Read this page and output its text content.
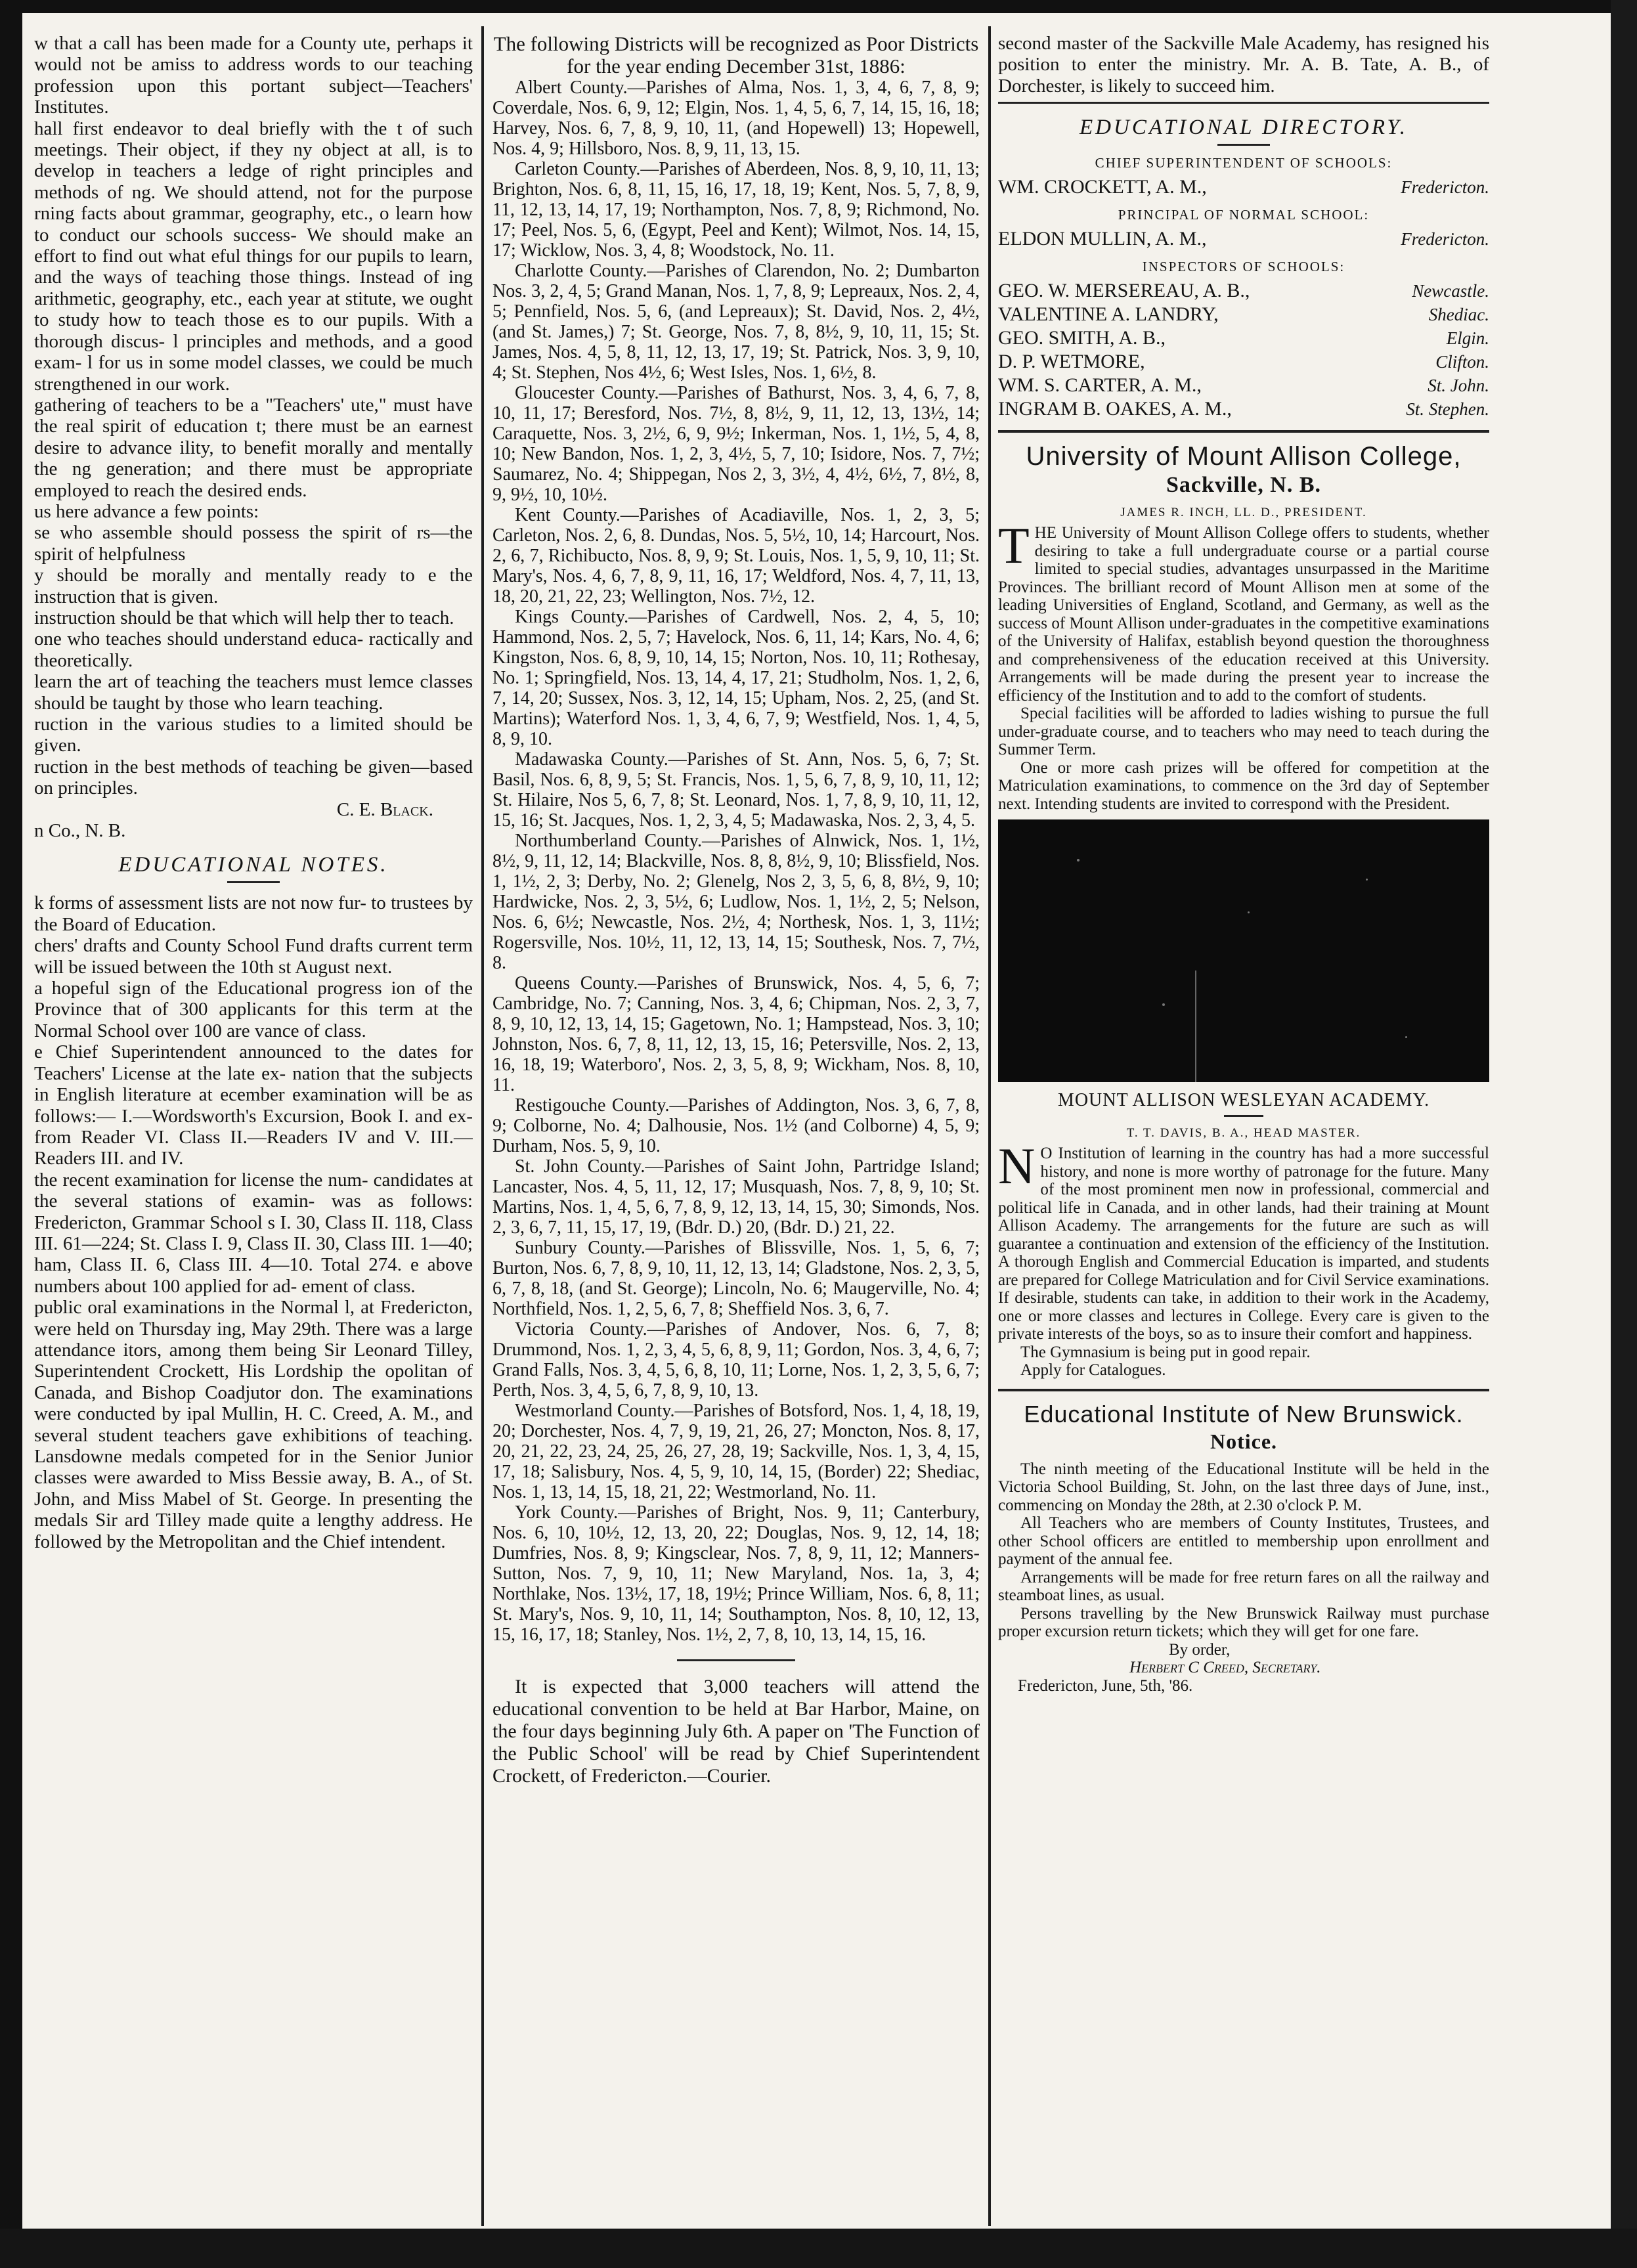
w that a call has been made for a County ute, perhaps it would not be amiss to address words to our teaching profession upon this portant subject—Teachers' Institutes.

hall first endeavor to deal briefly with the t of such meetings. Their object, if they ny object at all, is to develop in teachers a ledge of right principles and methods of ng. We should attend, not for the purpose rning facts about grammar, geography, etc., o learn how to conduct our schools success- We should make an effort to find out what eful things for our pupils to learn, and the ways of teaching those things. Instead of ing arithmetic, geography, etc., each year at stitute, we ought to study how to teach those es to our pupils. With a thorough discus- l principles and methods, and a good exam- l for us in some model classes, we could be much strengthened in our work.

gathering of teachers to be a "Teachers' ute," must have the real spirit of education t; there must be an earnest desire to advance ility, to benefit morally and mentally the ng generation; and there must be appropriate employed to reach the desired ends.

us here advance a few points:

se who assemble should possess the spirit of rs—the spirit of helpfulness

y should be morally and mentally ready to e the instruction that is given.

instruction should be that which will help ther to teach.

one who teaches should understand educa- ractically and theoretically.

learn the art of teaching the teachers must lemce classes should be taught by those who learn teaching.

ruction in the various studies to a limited should be given.

ruction in the best methods of teaching be given—based on principles.

C. E. Black.

n Co., N. B.

EDUCATIONAL NOTES.

k forms of assessment lists are not now fur- to trustees by the Board of Education.

chers' drafts and County School Fund drafts current term will be issued between the 10th st August next.

a hopeful sign of the Educational progress ion of the Province that of 300 applicants for this term at the Normal School over 100 are vance of class.

e Chief Superintendent announced to the dates for Teachers' License at the late ex- nation that the subjects in English literature at ecember examination will be as follows:— I.—Wordsworth's Excursion, Book I. and ex- from Reader VI. Class II.—Readers IV and V. III.—Readers III. and IV.

the recent examination for license the num- candidates at the several stations of examin- was as follows: Fredericton, Grammar School s I. 30, Class II. 118, Class III. 61—224; St. Class I. 9, Class II. 30, Class III. 1—40; ham, Class II. 6, Class III. 4—10. Total 274. e above numbers about 100 applied for ad- ement of class.

public oral examinations in the Normal l, at Fredericton, were held on Thursday ing, May 29th. There was a large attendance itors, among them being Sir Leonard Tilley, Superintendent Crockett, His Lordship the opolitan of Canada, and Bishop Coadjutor don. The examinations were conducted by ipal Mullin, H. C. Creed, A. M., and several student teachers gave exhibitions of teaching. Lansdowne medals competed for in the Senior Junior classes were awarded to Miss Bessie away, B. A., of St. John, and Miss Mabel of St. George. In presenting the medals Sir ard Tilley made quite a lengthy address. He followed by the Metropolitan and the Chief intendent.

The following Districts will be recognized as Poor Districts for the year ending December 31st, 1886:

Albert County.—Parishes of Alma, Nos. 1, 3, 4, 6, 7, 8, 9; Coverdale, Nos. 6, 9, 12; Elgin, Nos. 1, 4, 5, 6, 7, 14, 15, 16, 18; Harvey, Nos. 6, 7, 8, 9, 10, 11, (and Hopewell) 13; Hopewell, Nos. 4, 9; Hillsboro, Nos. 8, 9, 11, 13, 15.

Carleton County.—Parishes of Aberdeen, Nos. 8, 9, 10, 11, 13; Brighton, Nos. 6, 8, 11, 15, 16, 17, 18, 19; Kent, Nos. 5, 7, 8, 9, 11, 12, 13, 14, 17, 19; Northampton, Nos. 7, 8, 9; Richmond, No. 17; Peel, Nos. 5, 6, (Egypt, Peel and Kent); Wilmot, Nos. 14, 15, 17; Wicklow, Nos. 3, 4, 8; Woodstock, No. 11.

Charlotte County.—Parishes of Clarendon, No. 2; Dumbarton Nos. 3, 2, 4, 5; Grand Manan, Nos. 1, 7, 8, 9; Lepreaux, Nos. 2, 4, 5; Pennfield, Nos. 5, 6, (and Lepreaux); St. David, Nos. 2, 4½, (and St. James,) 7; St. George, Nos. 7, 8, 8½, 9, 10, 11, 15; St. James, Nos. 4, 5, 8, 11, 12, 13, 17, 19; St. Patrick, Nos. 3, 9, 10, 4; St. Stephen, Nos 4½, 6; West Isles, Nos. 1, 6½, 8.

Gloucester County.—Parishes of Bathurst, Nos. 3, 4, 6, 7, 8, 10, 11, 17; Beresford, Nos. 7½, 8, 8½, 9, 11, 12, 13, 13½, 14; Caraquette, Nos. 3, 2½, 6, 9, 9½; Inkerman, Nos. 1, 1½, 5, 4, 8, 10; New Bandon, Nos. 1, 2, 3, 4½, 5, 7, 10; Isidore, Nos. 7, 7½; Saumarez, No. 4; Shippegan, Nos 2, 3, 3½, 4, 4½, 6½, 7, 8½, 8, 9, 9½, 10, 10½.

Kent County.—Parishes of Acadiaville, Nos. 1, 2, 3, 5; Carleton, Nos. 2, 6, 8. Dundas, Nos. 5, 5½, 10, 14; Harcourt, Nos. 2, 6, 7, Richibucto, Nos. 8, 9, 9; St. Louis, Nos. 1, 5, 9, 10, 11; St. Mary's, Nos. 4, 6, 7, 8, 9, 11, 16, 17; Weldford, Nos. 4, 7, 11, 13, 18, 20, 21, 22, 23; Wellington, Nos. 7½, 12.

Kings County.—Parishes of Cardwell, Nos. 2, 4, 5, 10; Hammond, Nos. 2, 5, 7; Havelock, Nos. 6, 11, 14; Kars, No. 4, 6; Kingston, Nos. 6, 8, 9, 10, 14, 15; Norton, Nos. 10, 11; Rothesay, No. 1; Springfield, Nos. 13, 14, 4, 17, 21; Studholm, Nos. 1, 2, 6, 7, 14, 20; Sussex, Nos. 3, 12, 14, 15; Upham, Nos. 2, 25, (and St. Martins); Waterford Nos. 1, 3, 4, 6, 7, 9; Westfield, Nos. 1, 4, 5, 8, 9, 10.

Madawaska County.—Parishes of St. Ann, Nos. 5, 6, 7; St. Basil, Nos. 6, 8, 9, 5; St. Francis, Nos. 1, 5, 6, 7, 8, 9, 10, 11, 12; St. Hilaire, Nos 5, 6, 7, 8; St. Leonard, Nos. 1, 7, 8, 9, 10, 11, 12, 15, 16; St. Jacques, Nos. 1, 2, 3, 4, 5; Madawaska, Nos. 2, 3, 4, 5.

Northumberland County.—Parishes of Alnwick, Nos. 1, 1½, 8½, 9, 11, 12, 14; Blackville, Nos. 8, 8, 8½, 9, 10; Blissfield, Nos. 1, 1½, 2, 3; Derby, No. 2; Glenelg, Nos 2, 3, 5, 6, 8, 8½, 9, 10; Hardwicke, Nos. 2, 3, 5½, 6; Ludlow, Nos. 1, 1½, 2, 5; Nelson, Nos. 6, 6½; Newcastle, Nos. 2½, 4; Northesk, Nos. 1, 3, 11½; Rogersville, Nos. 10½, 11, 12, 13, 14, 15; Southesk, Nos. 7, 7½, 8.

Queens County.—Parishes of Brunswick, Nos. 4, 5, 6, 7; Cambridge, No. 7; Canning, Nos. 3, 4, 6; Chipman, Nos. 2, 3, 7, 8, 9, 10, 12, 13, 14, 15; Gagetown, No. 1; Hampstead, Nos. 3, 10; Johnston, Nos. 6, 7, 8, 11, 12, 13, 15, 16; Petersville, Nos. 2, 13, 16, 18, 19; Waterboro', Nos. 2, 3, 5, 8, 9; Wickham, Nos. 8, 10, 11.

Restigouche County.—Parishes of Addington, Nos. 3, 6, 7, 8, 9; Colborne, No. 4; Dalhousie, Nos. 1½ (and Colborne) 4, 5, 9; Durham, Nos. 5, 9, 10.

St. John County.—Parishes of Saint John, Partridge Island; Lancaster, Nos. 4, 5, 11, 12, 17; Musquash, Nos. 7, 8, 9, 10; St. Martins, Nos. 1, 4, 5, 6, 7, 8, 9, 12, 13, 14, 15, 30; Simonds, Nos. 2, 3, 6, 7, 11, 15, 17, 19, (Bdr. D.) 20, (Bdr. D.) 21, 22.

Sunbury County.—Parishes of Blissville, Nos. 1, 5, 6, 7; Burton, Nos. 6, 7, 8, 9, 10, 11, 12, 13, 14; Gladstone, Nos. 2, 3, 5, 6, 7, 8, 18, (and St. George); Lincoln, No. 6; Maugerville, No. 4; Northfield, Nos. 1, 2, 5, 6, 7, 8; Sheffield Nos. 3, 6, 7.

Victoria County.—Parishes of Andover, Nos. 6, 7, 8; Drummond, Nos. 1, 2, 3, 4, 5, 6, 8, 9, 11; Gordon, Nos. 3, 4, 6, 7; Grand Falls, Nos. 3, 4, 5, 6, 8, 10, 11; Lorne, Nos. 1, 2, 3, 5, 6, 7; Perth, Nos. 3, 4, 5, 6, 7, 8, 9, 10, 13.

Westmorland County.—Parishes of Botsford, Nos. 1, 4, 18, 19, 20; Dorchester, Nos. 4, 7, 9, 19, 21, 26, 27; Moncton, Nos. 8, 17, 20, 21, 22, 23, 24, 25, 26, 27, 28, 19; Sackville, Nos. 1, 3, 4, 15, 17, 18; Salisbury, Nos. 4, 5, 9, 10, 14, 15, (Border) 22; Shediac, Nos. 1, 13, 14, 15, 18, 21, 22; Westmorland, No. 11.

York County.—Parishes of Bright, Nos. 9, 11; Canterbury, Nos. 6, 10, 10½, 12, 13, 20, 22; Douglas, Nos. 9, 12, 14, 18; Dumfries, Nos. 8, 9; Kingsclear, Nos. 7, 8, 9, 11, 12; Manners-Sutton, Nos. 7, 9, 10, 11; New Maryland, Nos. 1a, 3, 4; Northlake, Nos. 13½, 17, 18, 19½; Prince William, Nos. 6, 8, 11; St. Mary's, Nos. 9, 10, 11, 14; Southampton, Nos. 8, 10, 12, 13, 15, 16, 17, 18; Stanley, Nos. 1½, 2, 7, 8, 10, 13, 14, 15, 16.

It is expected that 3,000 teachers will attend the educational convention to be held at Bar Harbor, Maine, on the four days beginning July 6th. A paper on 'The Function of the Public School' will be read by Chief Superintendent Crockett, of Fredericton.—Courier.

second master of the Sackville Male Academy, has resigned his position to enter the ministry. Mr. A. B. Tate, A. B., of Dorchester, is likely to succeed him.

EDUCATIONAL DIRECTORY.
CHIEF SUPERINTENDENT OF SCHOOLS:
WM. CROCKETT, A. M.,	Fredericton.
PRINCIPAL OF NORMAL SCHOOL:
ELDON MULLIN, A. M.,	Fredericton.
INSPECTORS OF SCHOOLS:
GEO. W. MERSEREAU, A. B.,	Newcastle.
VALENTINE A. LANDRY,	Shediac.
GEO. SMITH, A. B.,	Elgin.
D. P. WETMORE,	Clifton.
WM. S. CARTER, A. M.,	St. John.
INGRAM B. OAKES, A. M.,	St. Stephen.
University of Mount Allison College,
Sackville, N. B.
JAMES R. INCH, LL. D., PRESIDENT.

THE University of Mount Allison College offers to students, whether desiring to take a full undergraduate course or a partial course limited to special studies, advantages unsurpassed in the Maritime Provinces. The brilliant record of Mount Allison men at some of the leading Universities of England, Scotland, and Germany, as well as the success of Mount Allison under-graduates in the competitive examinations of the University of Halifax, establish beyond question the thoroughness and comprehensiveness of the education received at this University. Arrangements will be made during the present year to increase the efficiency of the Institution and to add to the comfort of students.

Special facilities will be afforded to ladies wishing to pursue the full under-graduate course, and to teachers who may need to teach during the Summer Term.

One or more cash prizes will be offered for competition at the Matriculation examinations, to commence on the 3rd day of September next. Intending students are invited to correspond with the President.

MOUNT ALLISON WESLEYAN ACADEMY.
T. T. DAVIS, B. A., HEAD MASTER.

N O Institution of learning in the country has had a more successful history, and none is more worthy of patronage for the future. Many of the most prominent men now in professional, commercial and political life in Canada, and in other lands, had their training at Mount Allison Academy. The arrangements for the future are such as will guarantee a continuation and extension of the efficiency of the Institution. A thorough English and Commercial Education is imparted, and students are prepared for College Matriculation and for Civil Service examinations. If desirable, students can take, in addition to their work in the Academy, one or more classes and lectures in College. Every care is given to the private interests of the boys, so as to insure their comfort and happiness.

The Gymnasium is being put in good repair.

Apply for Catalogues.

Educational Institute of New Brunswick.
Notice.

The ninth meeting of the Educational Institute will be held in the Victoria School Building, St. John, on the last three days of June, inst., commencing on Monday the 28th, at 2.30 o'clock P. M.

All Teachers who are members of County Institutes, Trustees, and other School officers are entitled to membership upon enrollment and payment of the annual fee.

Arrangements will be made for free return fares on all the railway and steamboat lines, as usual.

Persons travelling by the New Brunswick Railway must purchase proper excursion return tickets; which they will get for one fare.

By order,

Herbert C Creed, Secretary.

Fredericton, June, 5th, '86.
